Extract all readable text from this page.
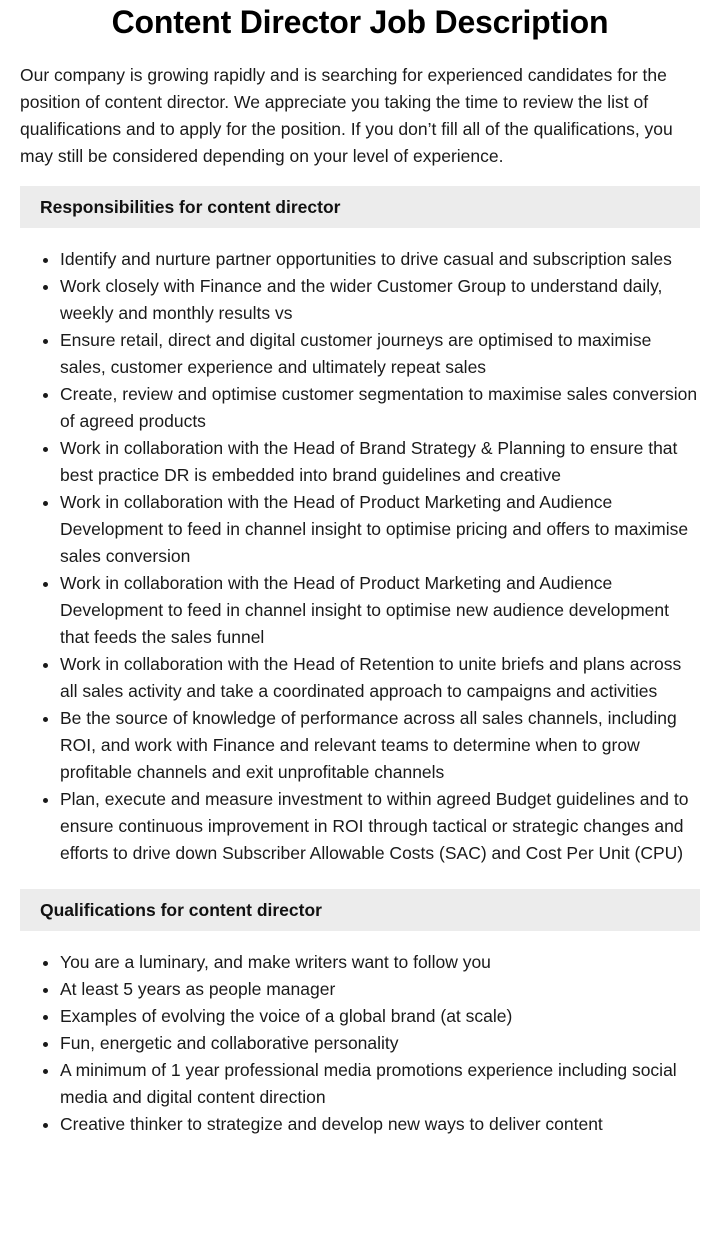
Content Director Job Description

Our company is growing rapidly and is searching for experienced candidates for the position of content director. We appreciate you taking the time to review the list of qualifications and to apply for the position. If you don’t fill all of the qualifications, you may still be considered depending on your level of experience.

Responsibilities for content director
• Identify and nurture partner opportunities to drive casual and subscription sales
• Work closely with Finance and the wider Customer Group to understand daily, weekly and monthly results vs
• Ensure retail, direct and digital customer journeys are optimised to maximise sales, customer experience and ultimately repeat sales
• Create, review and optimise customer segmentation to maximise sales conversion of agreed products
• Work in collaboration with the Head of Brand Strategy & Planning to ensure that best practice DR is embedded into brand guidelines and creative
• Work in collaboration with the Head of Product Marketing and Audience Development to feed in channel insight to optimise pricing and offers to maximise sales conversion
• Work in collaboration with the Head of Product Marketing and Audience Development to feed in channel insight to optimise new audience development that feeds the sales funnel
• Work in collaboration with the Head of Retention to unite briefs and plans across all sales activity and take a coordinated approach to campaigns and activities
• Be the source of knowledge of performance across all sales channels, including ROI, and work with Finance and relevant teams to determine when to grow profitable channels and exit unprofitable channels
• Plan, execute and measure investment to within agreed Budget guidelines and to ensure continuous improvement in ROI through tactical or strategic changes and efforts to drive down Subscriber Allowable Costs (SAC) and Cost Per Unit (CPU)
Qualifications for content director
• You are a luminary, and make writers want to follow you
• At least 5 years as people manager
• Examples of evolving the voice of a global brand (at scale)
• Fun, energetic and collaborative personality
• A minimum of 1 year professional media promotions experience including social media and digital content direction
• Creative thinker to strategize and develop new ways to deliver content
